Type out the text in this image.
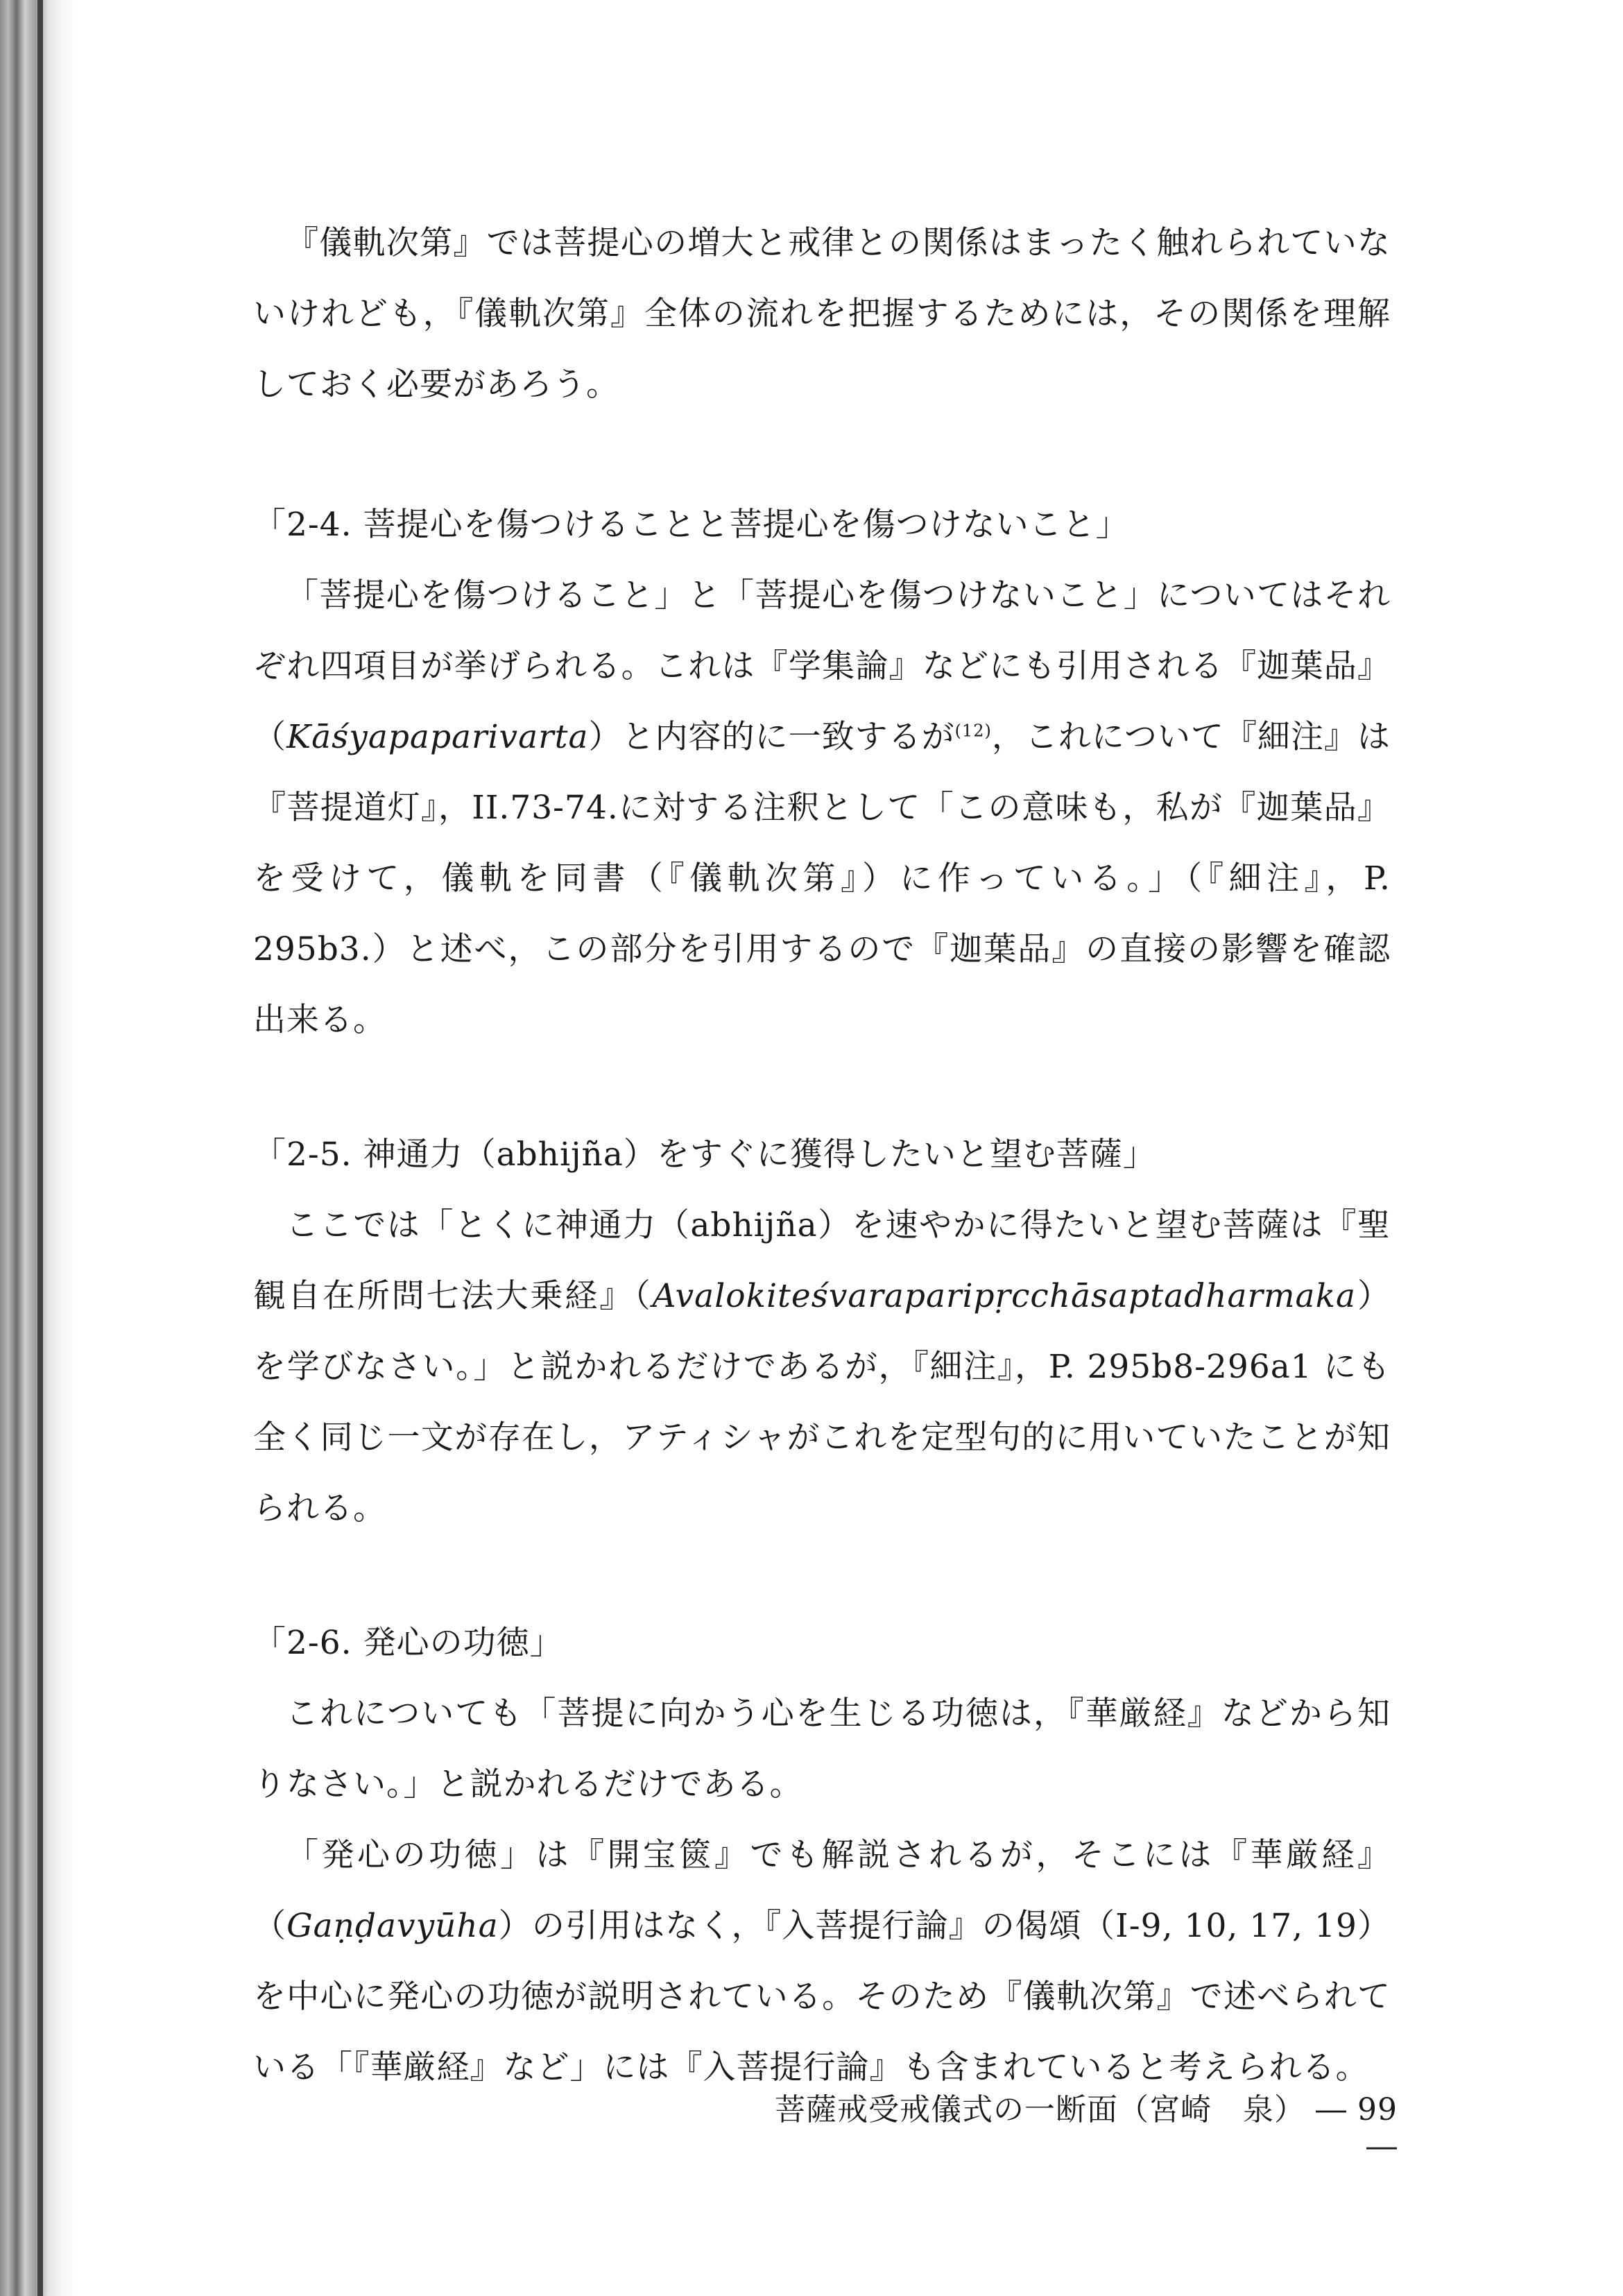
『儀軌次第』では菩提心の増大と戒律との関係はまったく触れられていないけれども，『儀軌次第』全体の流れを把握するためには，その関係を理解しておく必要があろう。

「2-4. 菩提心を傷つけることと菩提心を傷つけないこと」

「菩提心を傷つけること」と「菩提心を傷つけないこと」についてはそれぞれ四項目が挙げられる。これは『学集論』などにも引用される『迦葉品』（Kāśyapaparivarta）と内容的に一致するが$^{(12)}$，これについて『細注』は『菩提道灯』，II.73-74.に対する注釈として「この意味も，私が『迦葉品』を受けて，儀軌を同書（『儀軌次第』）に作っている。」（『細注』，P. 295b3.）と述べ，この部分を引用するので『迦葉品』の直接の影響を確認出来る。

「2-5. 神通力（abhijña）をすぐに獲得したいと望む菩薩」

ここでは「とくに神通力（abhijña）を速やかに得たいと望む菩薩は『聖観自在所問七法大乗経』（Avalokiteśvaraparipṛcchāsaptadharmaka）を学びなさい。」と説かれるだけであるが，『細注』，P. 295b8-296a1 にも全く同じ一文が存在し，アティシャがこれを定型句的に用いていたことが知られる。

「2-6. 発心の功徳」

これについても「菩提に向かう心を生じる功徳は，『華厳経』などから知りなさい。」と説かれるだけである。

「発心の功徳」は『開宝篋』でも解説されるが，そこには『華厳経』（Gaṇḍavyūha）の引用はなく，『入菩提行論』の偈頌（Ⅰ-9, 10, 17, 19）を中心に発心の功徳が説明されている。そのため『儀軌次第』で述べられている「『華厳経』など」には『入菩提行論』も含まれていると考えられる。

菩薩戒受戒儀式の一断面（宮崎　泉） ― 99 ―
